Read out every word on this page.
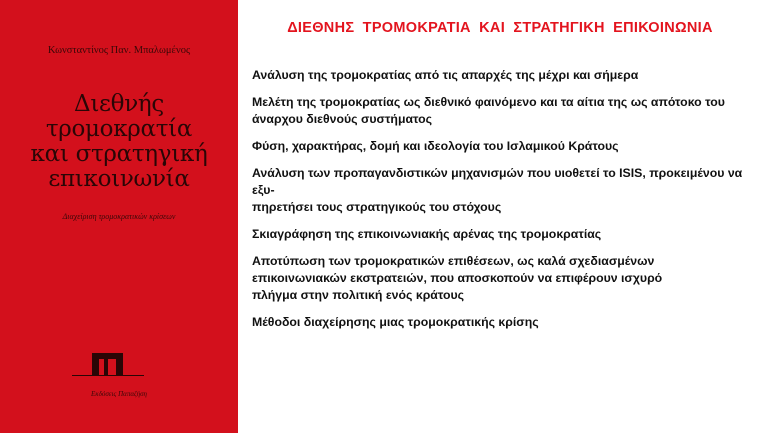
Κωνσταντίνος Παν. Μπαλωμένος
Διεθνής
τρομοκρατία
και στρατηγική
επικοινωνία
Διαχείριση τρομοκρατικών κρίσεων
Εκδόσεις Παπαζήση
ΔΙΕΘΝΗΣ ΤΡΟΜΟΚΡΑΤΙΑ ΚΑΙ ΣΤΡΑΤΗΓΙΚΗ ΕΠΙΚΟΙΝΩΝΙΑ
Ανάλυση της τρομοκρατίας από τις απαρχές της μέχρι και σήμερα
Μελέτη της τρομοκρατίας ως διεθνικό φαινόμενο και τα αίτια της ως απότοκο του
άναρχου διεθνούς συστήματος
Φύση, χαρακτήρας, δομή και ιδεολογία του Ισλαμικού Κράτους
Ανάλυση των προπαγανδιστικών μηχανισμών που υιοθετεί το ISIS, προκειμένου να εξυ-
πηρετήσει τους στρατηγικούς του στόχους
Σκιαγράφηση της επικοινωνιακής αρένας της τρομοκρατίας
Αποτύπωση των τρομοκρατικών επιθέσεων, ως καλά σχεδιασμένων
επικοινωνιακών εκστρατειών, που αποσκοπούν να επιφέρουν ισχυρό
πλήγμα στην πολιτική ενός κράτους
Μέθοδοι διαχείρησης μιας τρομοκρατικής κρίσης
